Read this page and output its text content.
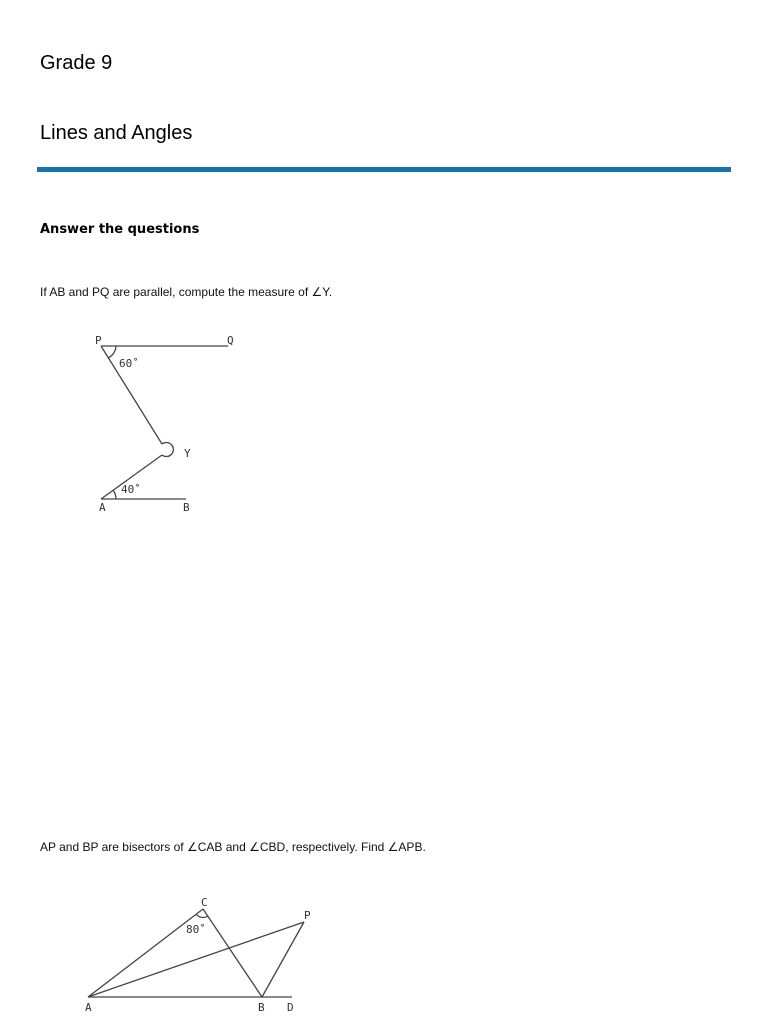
Grade 9
Lines and Angles
Answer the questions
If AB and PQ are parallel, compute the measure of ∠Y.
P	Q
Y
A	B
60˚
40˚
AP and BP are bisectors of ∠CAB and ∠CBD, respectively. Find ∠APB.
C
P
80˚
A	B D
